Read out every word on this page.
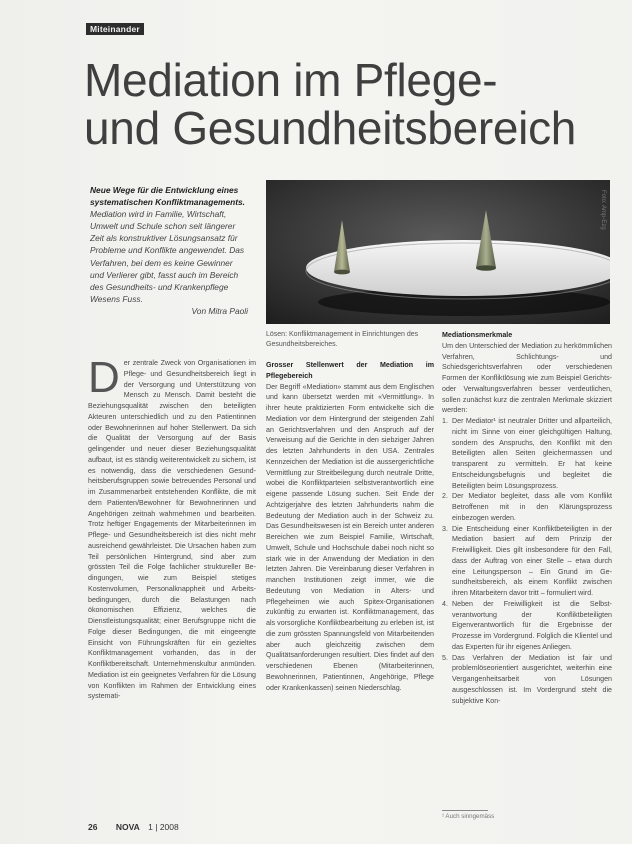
Miteinander
Mediation im Pflege-
und Gesundheitsbereich
Neue Wege für die Entwicklung eines systematischen Konfliktmanagements. Mediation wird in Familie, Wirtschaft, Umwelt und Schule schon seit längerer Zeit als konstruktiver Lösungsansatz für Probleme und Konflikte angewendet. Das Verfahren, bei dem es keine Gewinner und Verlierer gibt, fasst auch im Bereich des Gesundheits- und Krankenpflege Wesens Fuss.
Von Mitra Paoli
Foto: Amp-Ezg
Lösen: Konfliktmanagement in Einrichtungen des Gesundheitsbereiches.
D er zentrale Zweck von Organisationen im Pflege- und Gesundheitsbereich liegt in der Versorgung und Unterstützung von Mensch zu Mensch. Damit besteht die Beziehungsqualität zwischen den beteiligten Akteuren unterschiedlich und zu den Patientinnen oder Bewohnerinnen auf hoher Stellenwert. Da sich die Qualität der Versorgung auf der Basis gelingender und neuer dieser Beziehungsqualität aufbaut, ist es ständig weiterentwickelt zu sichern, ist es notwendig, dass die verschiedenen Gesundheitsberufsgruppen sowie betreuendes Personal und im Zusammenarbeit entstehenden Konflikte, die mit dem Patienten/Bewohner für Bewohnerinnen und Angehörigen zeitnah wahrnehmen und bearbeiten. Trotz heftiger Engagements der Mitarbeiterinnen im Pflege- und Gesundheitsbereich ist dies nicht mehr ausreichend gewährleistet. Die Ursachen haben zum Teil persönlichen Hintergrund, sind aber zum grössten Teil die Folge fachlicher struktureller Bedingungen, wie zum Beispiel stetiges Kostenvolumen, Personalknappheit und Arbeitsbedingungen, durch die Belastungen nach ökonomischen Effizienz, welches die Dienstleistungsqualität; einer Berufsgruppe nicht die Folge dieser Bedingungen, die mit eingeengte Einsicht von Führungskräften für ein gezieltes Konfliktmanagement vorhanden, das in der Konfliktbereitschaft. Unternehmenskultur anmünden. Mediation ist ein geeignetes Verfahren für die Lösung von Konflikten im Rahmen der Entwicklung eines systemati-
Grosser Stellenwert der Mediation im Pflegebereich
Der Begriff «Mediation» stammt aus dem Englischen und kann übersetzt werden mit «Vermittlung». In ihrer heute praktizierten Form entwickelte sich die Mediation vor dem Hintergrund der steigenden Zahl an Gerichtsverfahren und den Anspruch auf der Verweisung auf die Gerichte in den siebziger Jahren des letzten Jahrhunderts in den USA. Zentrales Kennzeichen der Mediation ist die aussergerichtliche Vermittlung zur Streitbeilegung durch neutrale Dritte, wobei die Konfliktparteien selbstverantwortlich eine eigene passende Lösung suchen. Seit Ende der Achtzigerjahre des letzten Jahrhunderts nahm die Bedeutung der Mediation auch in der Schweiz zu. Das Gesundheitswesen ist ein Bereich unter anderen Bereichen wie zum Beispiel Familie, Wirtschaft, Umwelt, Schule und Hochschule dabei noch nicht so stark wie in der Anwendung der Mediation in den letzten Jahren. Die Vereinbarung dieser Verfahren in manchen Institutionen zeigt immer, wie die Bedeutung von Mediation in Alters- und Pflegeheimen wie auch Spitex-Organisationen zukünftig zu erwarten ist. Konfliktmanagement, das als vorsorgliche Konfliktbearbeitung zu erleben ist, ist die zum grössten Spannungsfeld von Mitarbeitenden aber auch gleichzeitig zwischen dem Qualitätsanforderungen resultiert. Dies findet auf den verschiedenen Ebenen (Mitarbeiterinnen, Bewohnerinnen, Patientinnen, Angehörige, Pflege oder Krankenkassen) seinen Niederschlag.
Mediationsmerkmale
Um den Unterschied der Mediation zu herkömmlichen Verfahren, Schlichtungs- und Schiedsgerichtsverfahren oder verschiedenen Formen der Konfliktlösung wie zum Beispiel Gerichts- oder Verwaltungsverfahren besser verdeutlichen, sollen zunächst kurz die zentralen Merkmale skizziert werden:
1. Der Mediator¹ ist neutraler Dritter und allparteilich, nicht im Sinne von einer gleichgültigen Haltung, sondern des Anspruchs, den Konflikt mit den Beteiligten allen Seiten gleichermassen und transparent zu vermitteln. Er hat keine Entscheidungsbefugnis und begleitet die Beteiligten beim Lösungsprozess.
2. Der Mediator begleitet, dass alle vom Konflikt Betroffenen mit in den Klärungsprozess einbezogen werden.
3. Die Entscheidung einer Konfliktbeteiligten in der Mediation basiert auf dem Prinzip der Freiwilligkeit. Dies gilt insbesondere für den Fall, dass der Auftrag von einer Stelle – etwa durch eine Leitungsperson – Ein Grund im Gesundheitsbereich, als einem Konflikt zwischen ihren Mitarbeitern davor tritt – formuliert wird.
4. Neben der Freiwilligkeit ist die Selbstverantwortung der Konfliktbeteiligten Eigenverantwortlich für die Ergebnisse der Prozesse im Vordergrund. Folglich die Klientel und das Experten für ihr eigenes Anliegen.
5. Das Verfahren der Mediation ist fair und problemlöseorientiert ausgerichtet, weiterhin eine Vergangenheitsarbeit von Lösungen ausgeschlossen ist. Im Vordergrund steht die subjektive Kon-
¹ Auch sinngemäss
26 NOVA 1 | 2008
